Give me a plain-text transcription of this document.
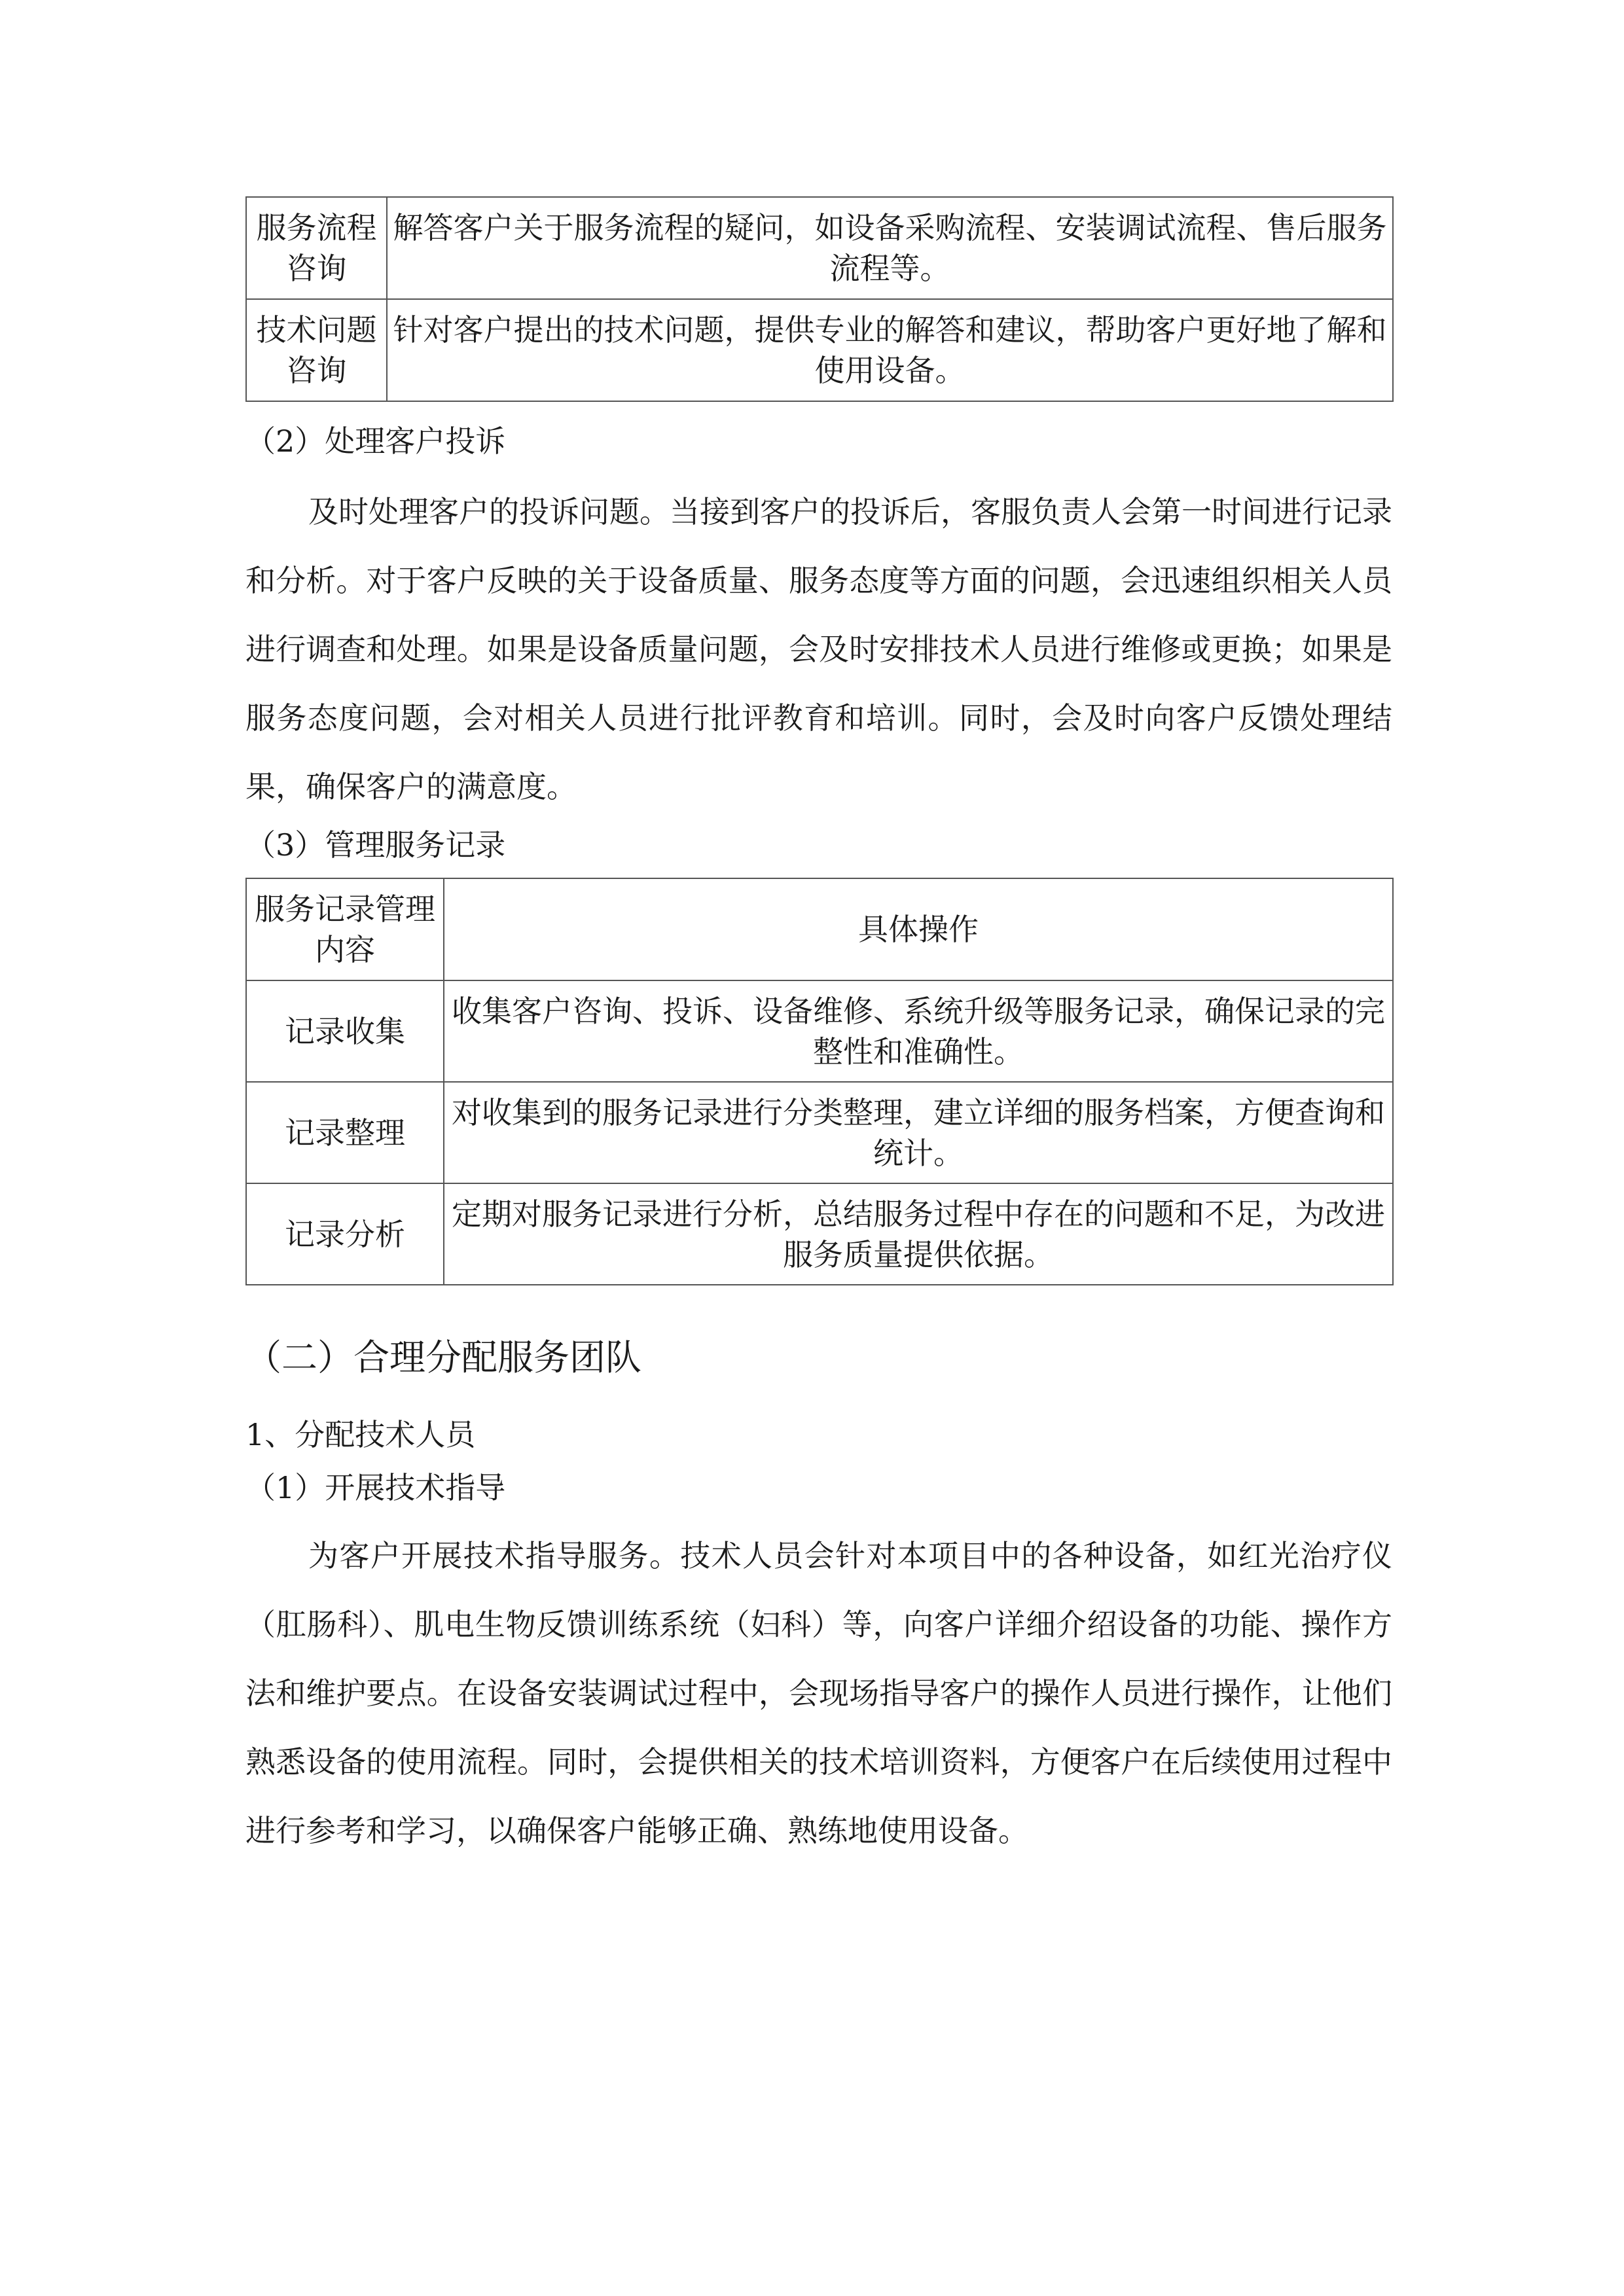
服务流程咨询	解答客户关于服务流程的疑问，如设备采购流程、安装调试流程、售后服务流程等。
技术问题咨询	针对客户提出的技术问题，提供专业的解答和建议，帮助客户更好地了解和使用设备。
（2）处理客户投诉
及时处理客户的投诉问题。当接到客户的投诉后，客服负责人会第一时间进行记录和分析。对于客户反映的关于设备质量、服务态度等方面的问题，会迅速组织相关人员进行调查和处理。如果是设备质量问题，会及时安排技术人员进行维修或更换；如果是服务态度问题，会对相关人员进行批评教育和培训。同时，会及时向客户反馈处理结果，确保客户的满意度。
（3）管理服务记录
服务记录管理内容	具体操作
记录收集	收集客户咨询、投诉、设备维修、系统升级等服务记录，确保记录的完整性和准确性。
记录整理	对收集到的服务记录进行分类整理，建立详细的服务档案，方便查询和统计。
记录分析	定期对服务记录进行分析，总结服务过程中存在的问题和不足，为改进服务质量提供依据。
（二）合理分配服务团队
1、分配技术人员
（1）开展技术指导
为客户开展技术指导服务。技术人员会针对本项目中的各种设备，如红光治疗仪（肛肠科）、肌电生物反馈训练系统（妇科）等，向客户详细介绍设备的功能、操作方法和维护要点。在设备安装调试过程中，会现场指导客户的操作人员进行操作，让他们熟悉设备的使用流程。同时，会提供相关的技术培训资料，方便客户在后续使用过程中进行参考和学习，以确保客户能够正确、熟练地使用设备。
